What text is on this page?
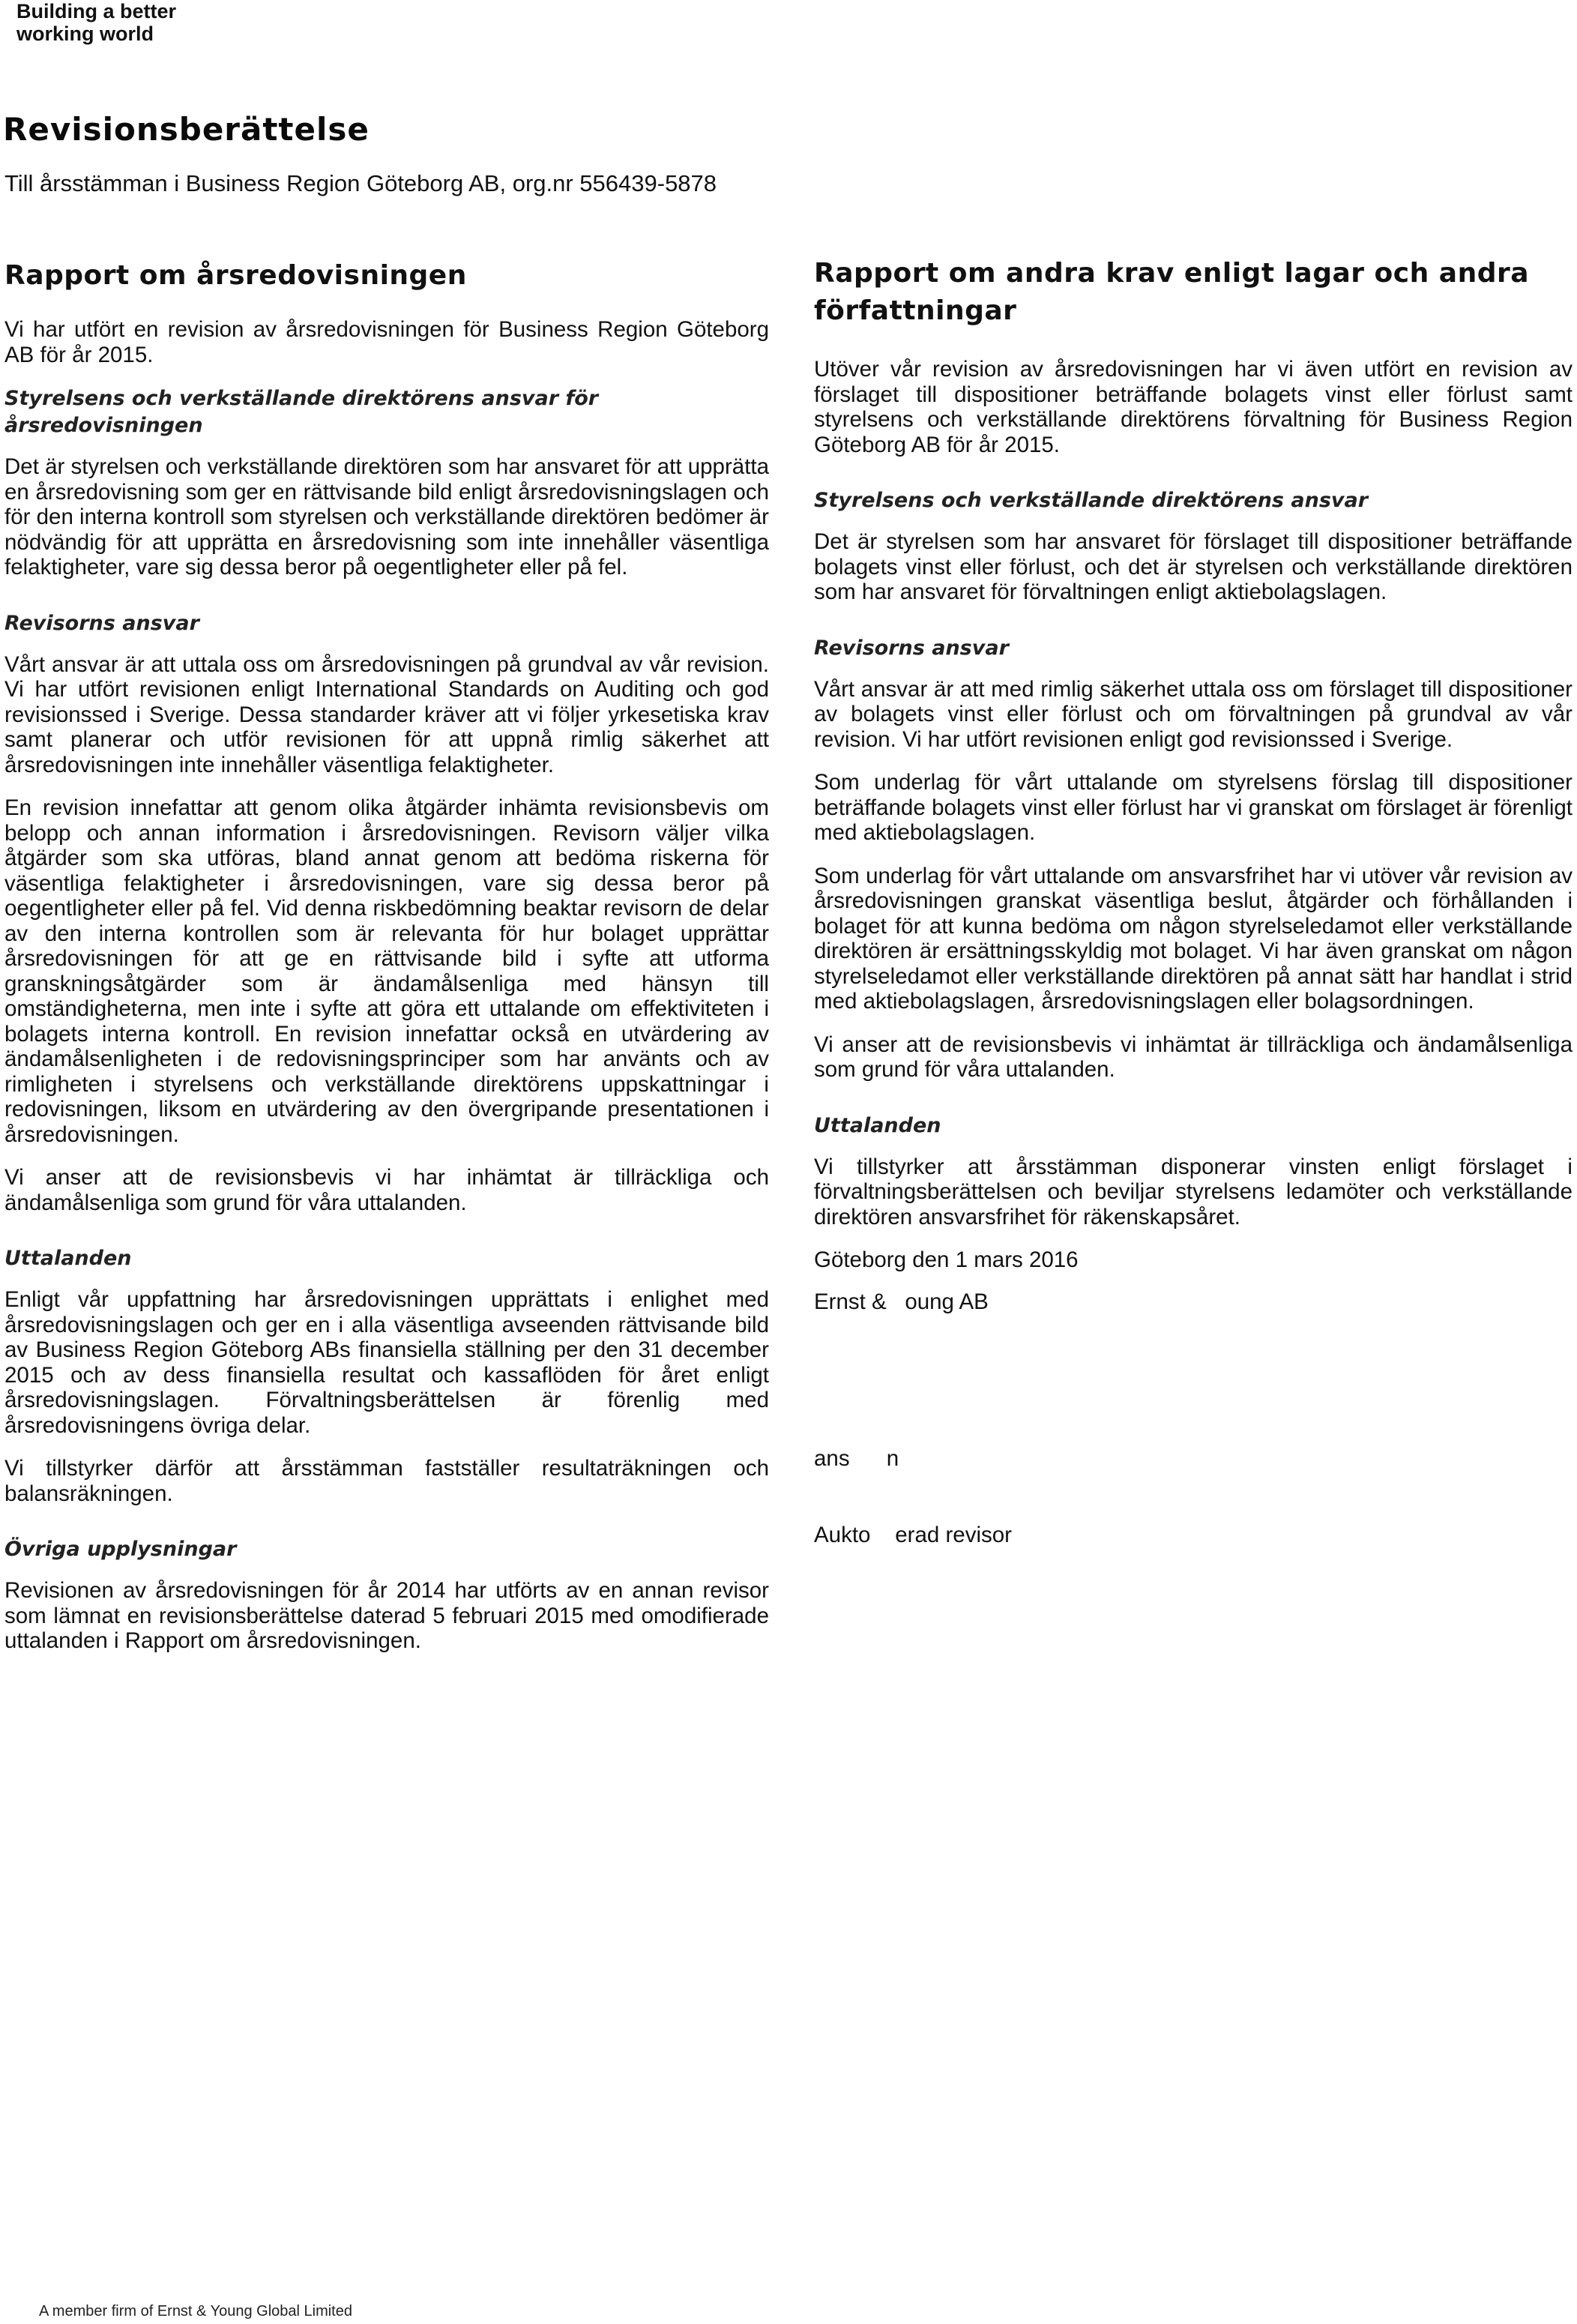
Building a better
working world
Revisionsberättelse

Till årsstämman i Business Region Göteborg AB, org.nr 556439-5878

Rapport om årsredovisningen

Vi har utfört en revision av årsredovisningen för Business Region Göteborg AB för år 2015.

Styrelsens och verkställande direktörens ansvar för årsredovisningen

Det är styrelsen och verkställande direktören som har ansvaret för att upprätta en årsredovisning som ger en rättvisande bild enligt årsredovisningslagen och för den interna kontroll som styrelsen och verkställande direktören bedömer är nödvändig för att upprätta en årsredovisning som inte innehåller väsentliga felaktigheter, vare sig dessa beror på oegentligheter eller på fel.

Revisorns ansvar

Vårt ansvar är att uttala oss om årsredovisningen på grundval av vår revision. Vi har utfört revisionen enligt International Standards on Auditing och god revisionssed i Sverige. Dessa standarder kräver att vi följer yrkesetiska krav samt planerar och utför revisionen för att uppnå rimlig säkerhet att årsredovisningen inte innehåller väsentliga felaktigheter.

En revision innefattar att genom olika åtgärder inhämta revisionsbevis om belopp och annan information i årsredovisningen. Revisorn väljer vilka åtgärder som ska utföras, bland annat genom att bedöma riskerna för väsentliga felaktigheter i årsredovisningen, vare sig dessa beror på oegentligheter eller på fel. Vid denna riskbedömning beaktar revisorn de delar av den interna kontrollen som är relevanta för hur bolaget upprättar årsredovisningen för att ge en rättvisande bild i syfte att utforma granskningsåtgärder som är ändamålsenliga med hänsyn till omständigheterna, men inte i syfte att göra ett uttalande om effektiviteten i bolagets interna kontroll. En revision innefattar också en utvärdering av ändamålsenligheten i de redovisningsprinciper som har använts och av rimligheten i styrelsens och verkställande direktörens uppskattningar i redovisningen, liksom en utvärdering av den övergripande presentationen i årsredovisningen.

Vi anser att de revisionsbevis vi har inhämtat är tillräckliga och ändamålsenliga som grund för våra uttalanden.

Uttalanden

Enligt vår uppfattning har årsredovisningen upprättats i enlighet med årsredovisningslagen och ger en i alla väsentliga avseenden rättvisande bild av Business Region Göteborg ABs finansiella ställning per den 31 december 2015 och av dess finansiella resultat och kassaflöden för året enligt årsredovisningslagen. Förvaltningsberättelsen är förenlig med årsredovisningens övriga delar.

Vi tillstyrker därför att årsstämman fastställer resultaträkningen och balansräkningen.

Övriga upplysningar

Revisionen av årsredovisningen för år 2014 har utförts av en annan revisor som lämnat en revisionsberättelse daterad 5 februari 2015 med omodifierade uttalanden i Rapport om årsredovisningen.

Rapport om andra krav enligt lagar och andra författningar

Utöver vår revision av årsredovisningen har vi även utfört en revision av förslaget till dispositioner beträffande bolagets vinst eller förlust samt styrelsens och verkställande direktörens förvaltning för Business Region Göteborg AB för år 2015.

Styrelsens och verkställande direktörens ansvar

Det är styrelsen som har ansvaret för förslaget till dispositioner beträffande bolagets vinst eller förlust, och det är styrelsen och verkställande direktören som har ansvaret för förvaltningen enligt aktiebolagslagen.

Revisorns ansvar

Vårt ansvar är att med rimlig säkerhet uttala oss om förslaget till dispositioner av bolagets vinst eller förlust och om förvaltningen på grundval av vår revision. Vi har utfört revisionen enligt god revisionssed i Sverige.

Som underlag för vårt uttalande om styrelsens förslag till dispositioner beträffande bolagets vinst eller förlust har vi granskat om förslaget är förenligt med aktiebolagslagen.

Som underlag för vårt uttalande om ansvarsfrihet har vi utöver vår revision av årsredovisningen granskat väsentliga beslut, åtgärder och förhållanden i bolaget för att kunna bedöma om någon styrelseledamot eller verkställande direktören är ersättningsskyldig mot bolaget. Vi har även granskat om någon styrelseledamot eller verkställande direktören på annat sätt har handlat i strid med aktiebolagslagen, årsredovisningslagen eller bolagsordningen.

Vi anser att de revisionsbevis vi inhämtat är tillräckliga och ändamålsenliga som grund för våra uttalanden.

Uttalanden

Vi tillstyrker att årsstämman disponerar vinsten enligt förslaget i förvaltningsberättelsen och beviljar styrelsens ledamöter och verkställande direktören ansvarsfrihet för räkenskapsåret.

Göteborg den 1 mars 2016

Ernst &   oung AB

ans      n

Aukto    erad revisor

A member firm of Ernst & Young Global Limited
